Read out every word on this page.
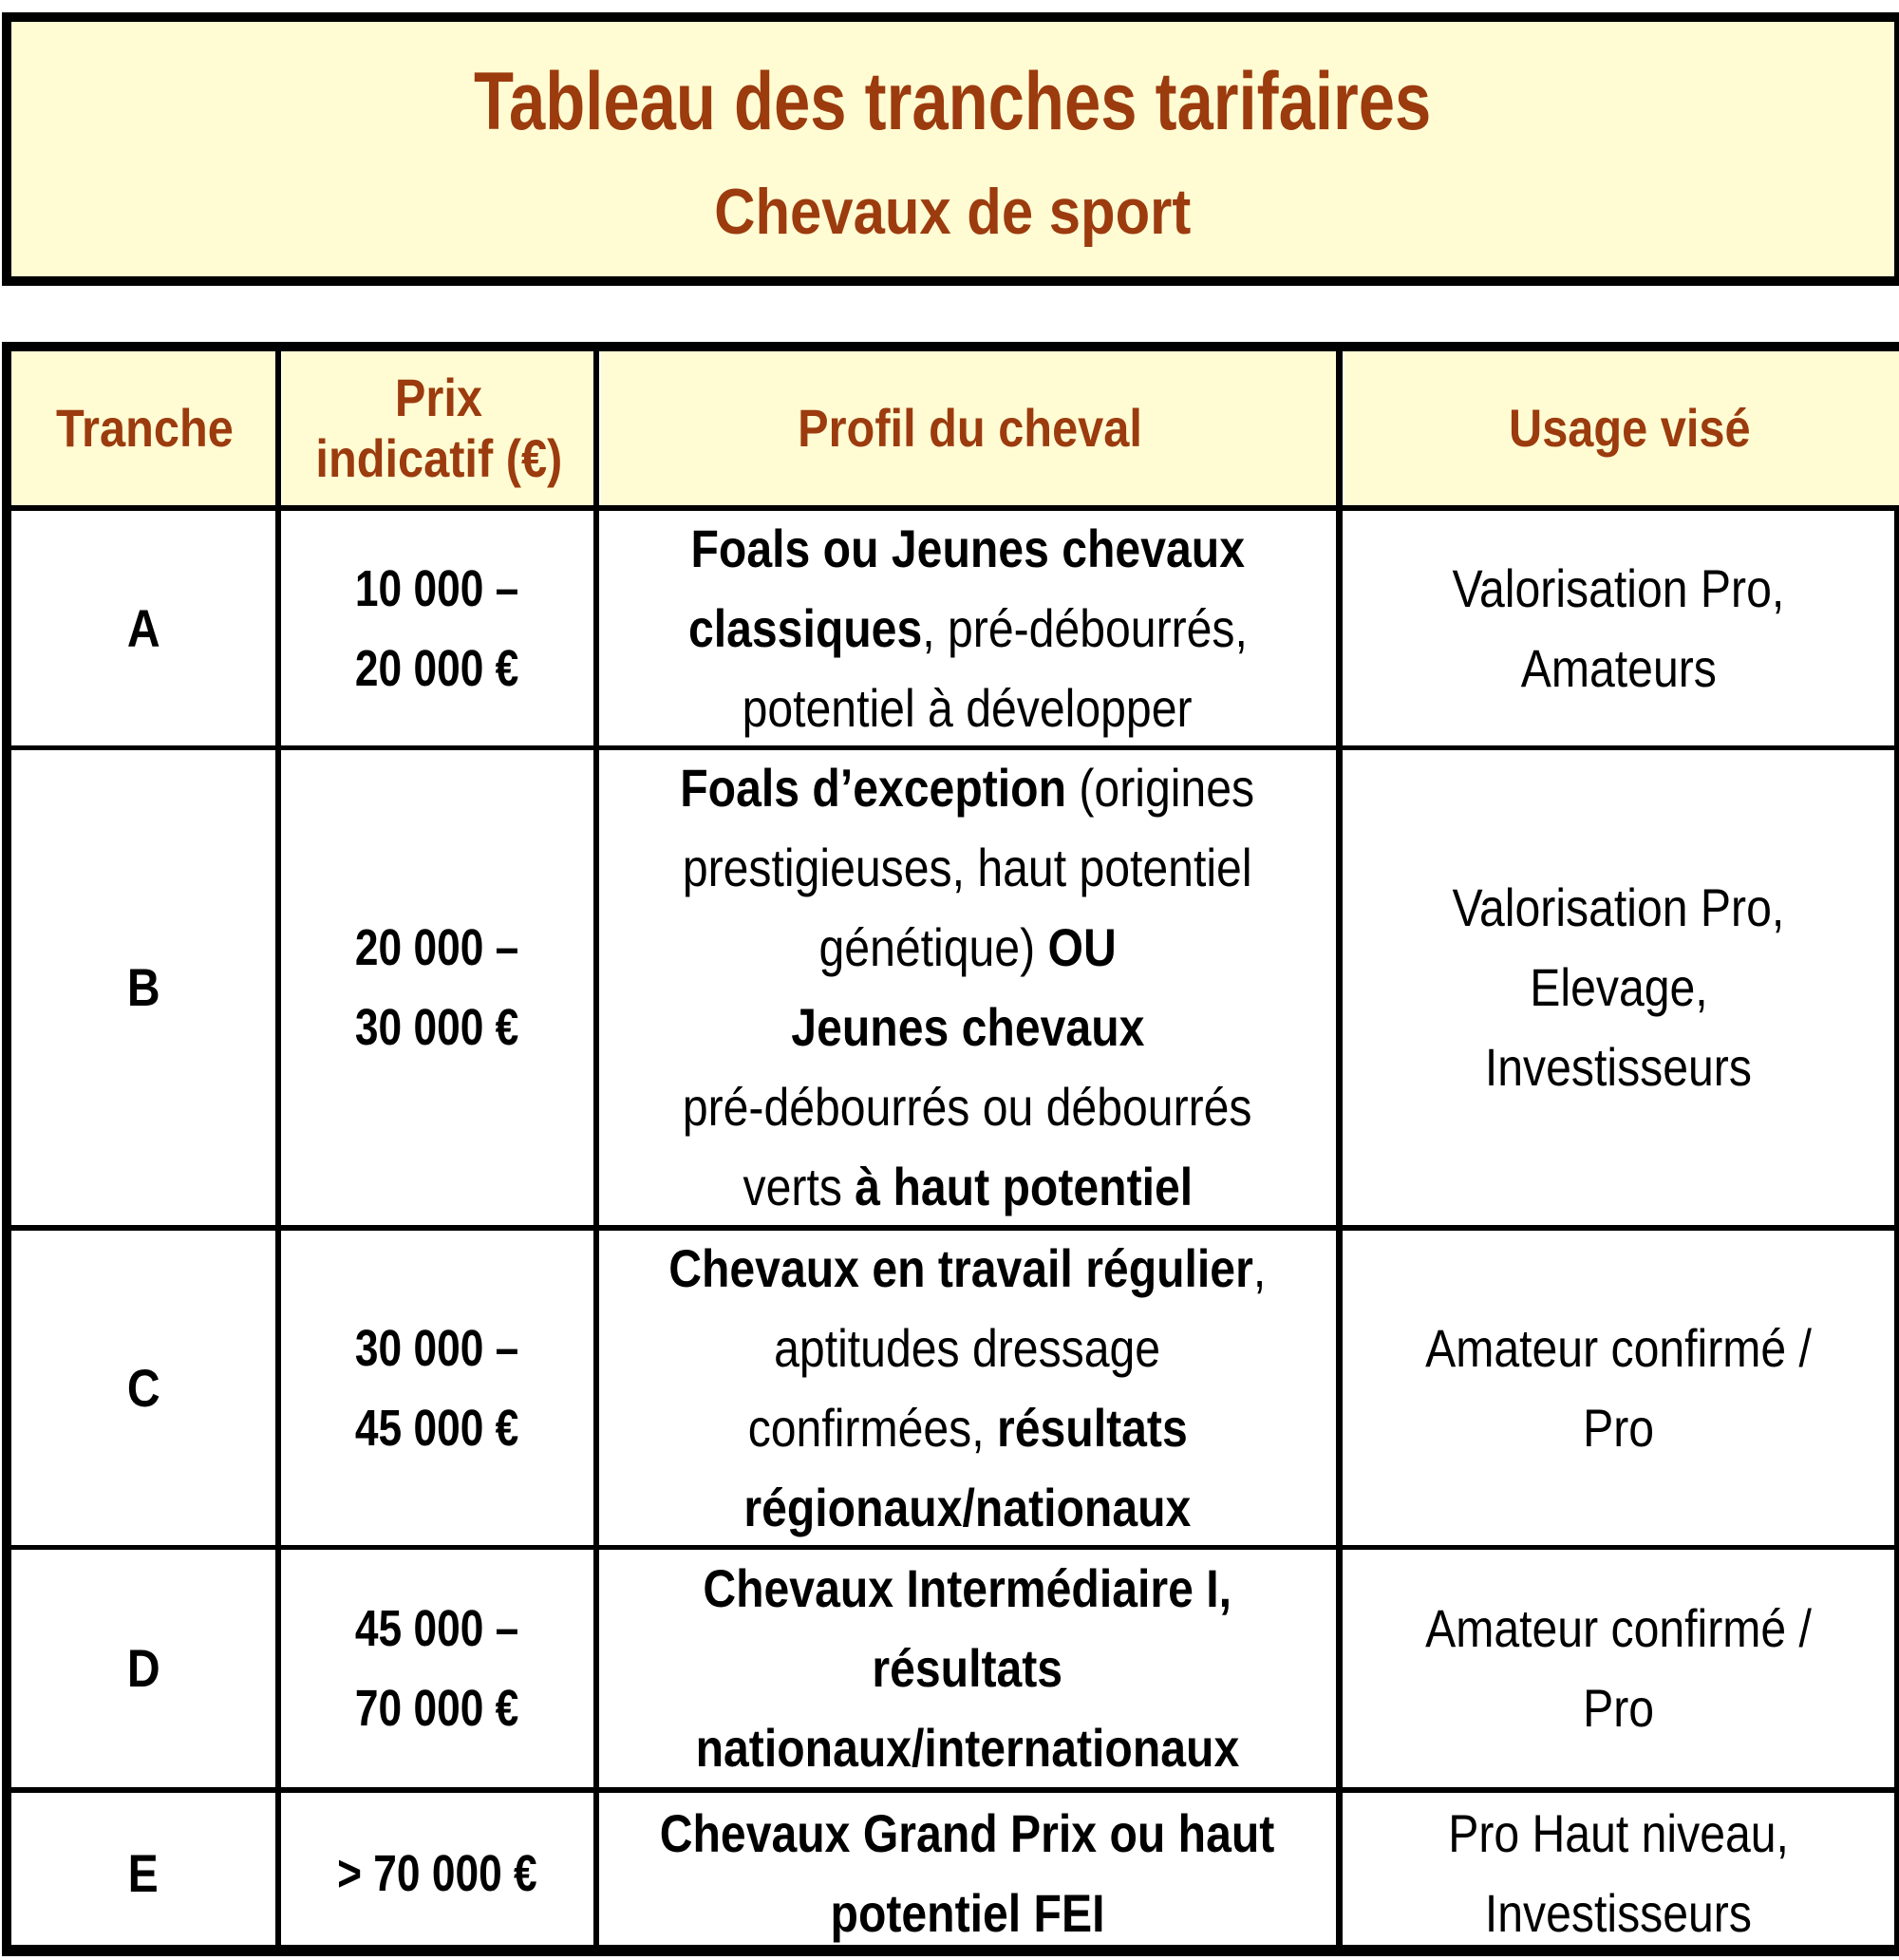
Tableau des tranches tarifaires
Chevaux de sport
Tranche
Prix
indicatif (€)
Profil du cheval	Usage visé
A
10 000 –
20 000 €
Foals ou Jeunes chevaux
classiques, pré-débourrés,
potentiel à développer
Valorisation Pro,
Amateurs
B
20 000 –
30 000 €
Foals d’exception (origines
prestigieuses, haut potentiel
génétique) OU
Jeunes chevaux
pré-débourrés ou débourrés
verts à haut potentiel
Valorisation Pro,
Elevage,
Investisseurs
C
30 000 –
45 000 €
Chevaux en travail régulier,
aptitudes dressage
confirmées, résultats
régionaux/nationaux
Amateur confirmé /
Pro
D
45 000 –
70 000 €
Chevaux Intermédiaire I,
résultats
nationaux/internationaux
Amateur confirmé /
Pro
E	> 70 000 €
Chevaux Grand Prix ou haut
potentiel FEI
Pro Haut niveau,
Investisseurs
